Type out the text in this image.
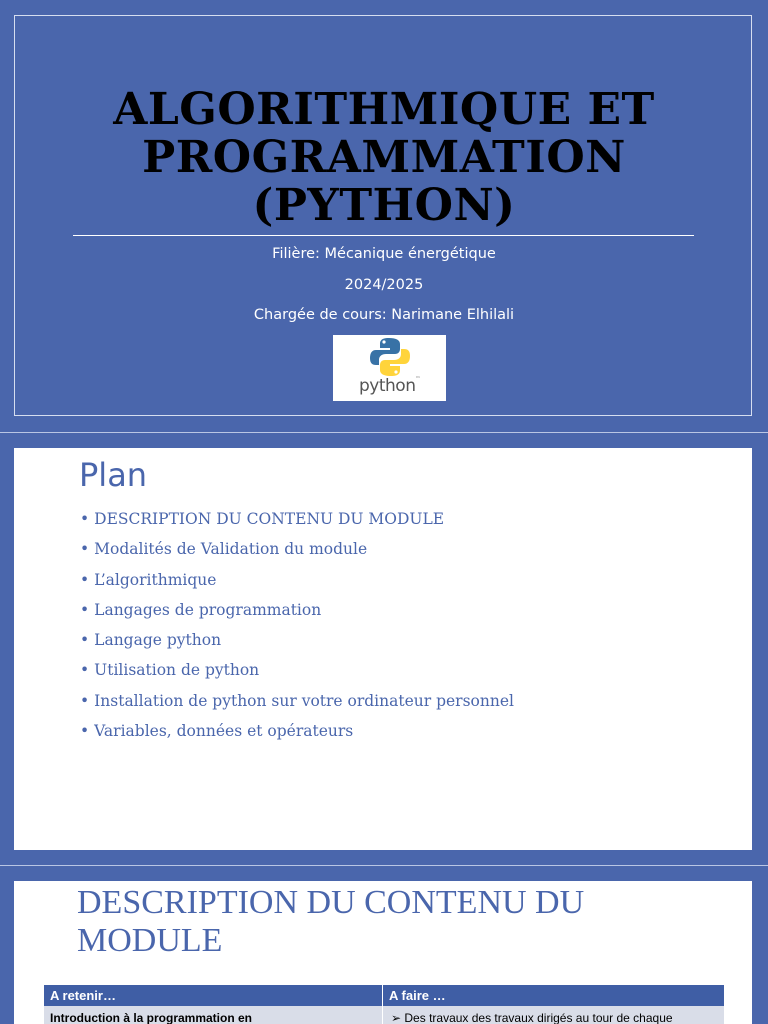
ALGORITHMIQUE ET
PROGRAMMATION
(PYTHON)
Filière: Mécanique énergétique
2024/2025
Chargée de cours: Narimane Elhilali
python™
Plan
• DESCRIPTION DU CONTENU DU MODULE
• Modalités de Validation du module
• L’algorithmique
• Langages de programmation
• Langage python
• Utilisation de python
• Installation de python sur votre ordinateur personnel
• Variables, données et opérateurs
DESCRIPTION DU CONTENU DU MODULE
A retenir…	A faire …
Introduction à la programmation en	➢ Des travaux des travaux dirigés au tour de chaque
